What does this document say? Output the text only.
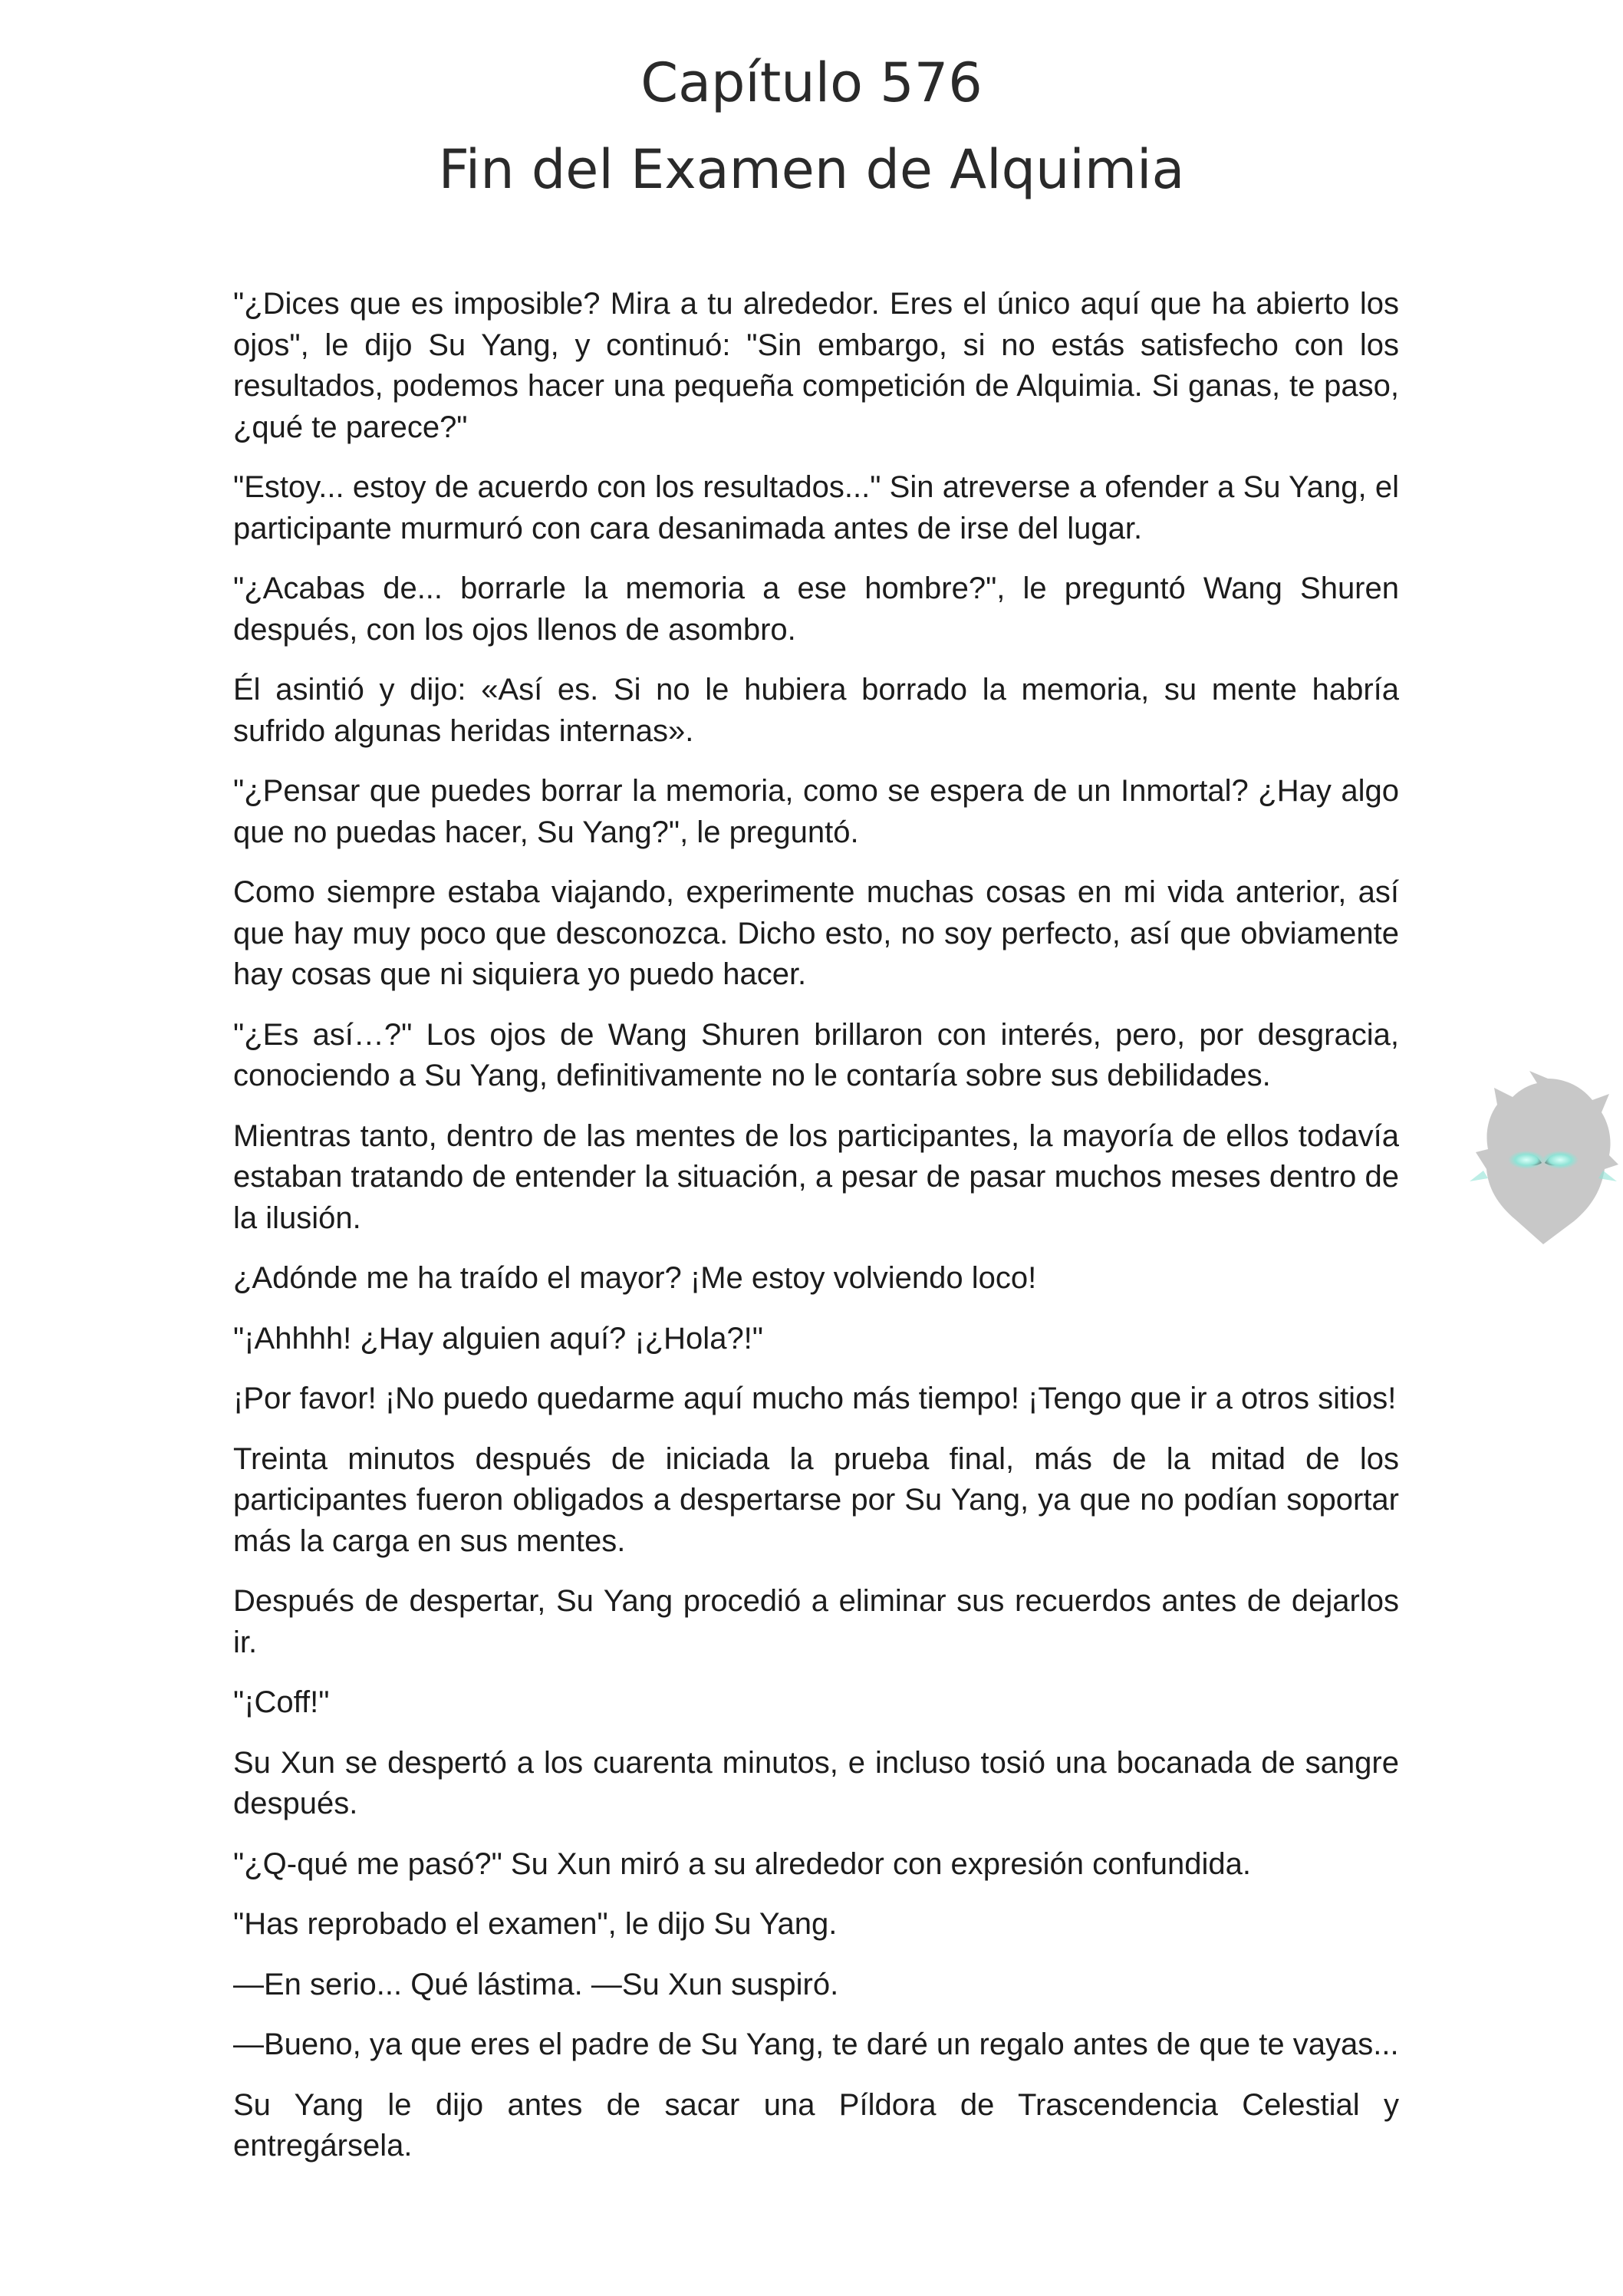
Capítulo 576
Fin del Examen de Alquimia

"¿Dices que es imposible? Mira a tu alrededor. Eres el único aquí que ha abierto los ojos", le dijo Su Yang, y continuó: "Sin embargo, si no estás satisfecho con los resultados, podemos hacer una pequeña competición de Alquimia. Si ganas, te paso, ¿qué te parece?"

"Estoy... estoy de acuerdo con los resultados..." Sin atreverse a ofender a Su Yang, el participante murmuró con cara desanimada antes de irse del lugar.

"¿Acabas de... borrarle la memoria a ese hombre?", le preguntó Wang Shuren después, con los ojos llenos de asombro.

Él asintió y dijo: «Así es. Si no le hubiera borrado la memoria, su mente habría sufrido algunas heridas internas».

"¿Pensar que puedes borrar la memoria, como se espera de un Inmortal? ¿Hay algo que no puedas hacer, Su Yang?", le preguntó.

Como siempre estaba viajando, experimente muchas cosas en mi vida anterior, así que hay muy poco que desconozca. Dicho esto, no soy perfecto, así que obviamente hay cosas que ni siquiera yo puedo hacer.

"¿Es así…?" Los ojos de Wang Shuren brillaron con interés, pero, por desgracia, conociendo a Su Yang, definitivamente no le contaría sobre sus debilidades.

Mientras tanto, dentro de las mentes de los participantes, la mayoría de ellos todavía estaban tratando de entender la situación, a pesar de pasar muchos meses dentro de la ilusión.

¿Adónde me ha traído el mayor? ¡Me estoy volviendo loco!

"¡Ahhhh! ¿Hay alguien aquí? ¡¿Hola?!"

¡Por favor! ¡No puedo quedarme aquí mucho más tiempo! ¡Tengo que ir a otros sitios!

Treinta minutos después de iniciada la prueba final, más de la mitad de los participantes fueron obligados a despertarse por Su Yang, ya que no podían soportar más la carga en sus mentes.

Después de despertar, Su Yang procedió a eliminar sus recuerdos antes de dejarlos ir.

"¡Coff!"

Su Xun se despertó a los cuarenta minutos, e incluso tosió una bocanada de sangre después.

"¿Q-qué me pasó?" Su Xun miró a su alrededor con expresión confundida.

"Has reprobado el examen", le dijo Su Yang.

—En serio... Qué lástima. —Su Xun suspiró.

—Bueno, ya que eres el padre de Su Yang, te daré un regalo antes de que te vayas...

Su Yang le dijo antes de sacar una Píldora de Trascendencia Celestial y entregársela.
